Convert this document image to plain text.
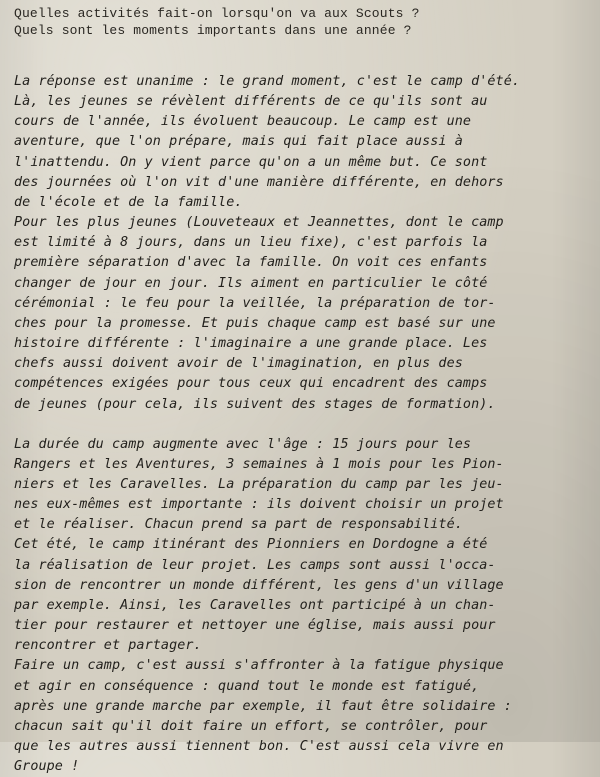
Quelles activités fait-on lorsqu'on va aux Scouts ?
Quels sont les moments importants dans une année ?

La réponse est unanime : le grand moment, c'est le camp d'été.
Là, les jeunes se révèlent différents de ce qu'ils sont au
cours de l'année, ils évoluent beaucoup. Le camp est une
aventure, que l'on prépare, mais qui fait place aussi à
l'inattendu. On y vient parce qu'on a un même but. Ce sont
des journées où l'on vit d'une manière différente, en dehors
de l'école et de la famille.

Pour les plus jeunes (Louveteaux et Jeannettes, dont le camp
est limité à 8 jours, dans un lieu fixe), c'est parfois la
première séparation d'avec la famille. On voit ces enfants
changer de jour en jour. Ils aiment en particulier le côté
cérémonial : le feu pour la veillée, la préparation de tor-
ches pour la promesse. Et puis chaque camp est basé sur une
histoire différente : l'imaginaire a une grande place. Les
chefs aussi doivent avoir de l'imagination, en plus des
compétences exigées pour tous ceux qui encadrent des camps
de jeunes (pour cela, ils suivent des stages de formation).

La durée du camp augmente avec l'âge : 15 jours pour les
Rangers et les Aventures, 3 semaines à 1 mois pour les Pion-
niers et les Caravelles. La préparation du camp par les jeu-
nes eux-mêmes est importante : ils doivent choisir un projet
et le réaliser. Chacun prend sa part de responsabilité.

Cet été, le camp itinérant des Pionniers en Dordogne a été
la réalisation de leur projet. Les camps sont aussi l'occa-
sion de rencontrer un monde différent, les gens d'un village
par exemple. Ainsi, les Caravelles ont participé à un chan-
tier pour restaurer et nettoyer une église, mais aussi pour
rencontrer et partager.

Faire un camp, c'est aussi s'affronter à la fatigue physique
et agir en conséquence : quand tout le monde est fatigué,
après une grande marche par exemple, il faut être solidaire :
chacun sait qu'il doit faire un effort, se contrôler, pour
que les autres aussi tiennent bon. C'est aussi cela vivre en
Groupe !
